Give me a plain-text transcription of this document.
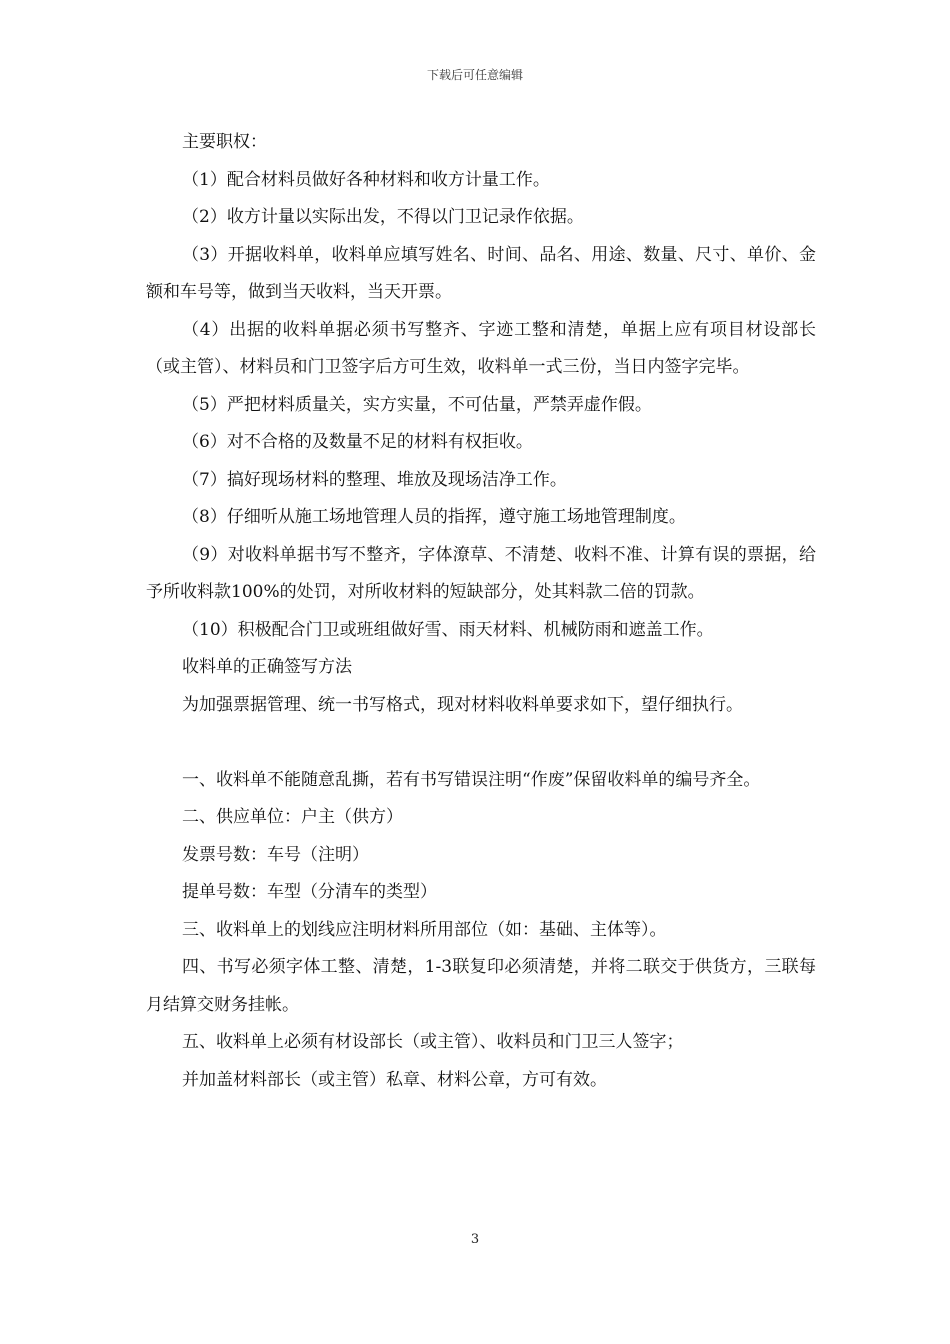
下载后可任意编辑

主要职权：

（1）配合材料员做好各种材料和收方计量工作。

（2）收方计量以实际出发，不得以门卫记录作依据。

（3）开据收料单，收料单应填写姓名、时间、品名、用途、数量、尺寸、单价、金额和车号等，做到当天收料，当天开票。

（4）出据的收料单据必须书写整齐、字迹工整和清楚，单据上应有项目材设部长（或主管）、材料员和门卫签字后方可生效，收料单一式三份，当日内签字完毕。

（5）严把材料质量关，实方实量，不可估量，严禁弄虚作假。

（6）对不合格的及数量不足的材料有权拒收。

（7）搞好现场材料的整理、堆放及现场洁净工作。

（8）仔细听从施工场地管理人员的指挥，遵守施工场地管理制度。

（9）对收料单据书写不整齐，字体潦草、不清楚、收料不准、计算有误的票据，给予所收料款100%的处罚，对所收材料的短缺部分，处其料款二倍的罚款。

（10）积极配合门卫或班组做好雪、雨天材料、机械防雨和遮盖工作。

收料单的正确签写方法

为加强票据管理、统一书写格式，现对材料收料单要求如下，望仔细执行。

一、收料单不能随意乱撕，若有书写错误注明“作废”保留收料单的编号齐全。

二、供应单位：户主（供方）

发票号数：车号（注明）

提单号数：车型（分清车的类型）

三、收料单上的划线应注明材料所用部位（如：基础、主体等）。

四、书写必须字体工整、清楚，1-3联复印必须清楚，并将二联交于供货方，三联每月结算交财务挂帐。

五、收料单上必须有材设部长（或主管）、收料员和门卫三人签字；

并加盖材料部长（或主管）私章、材料公章，方可有效。

3
